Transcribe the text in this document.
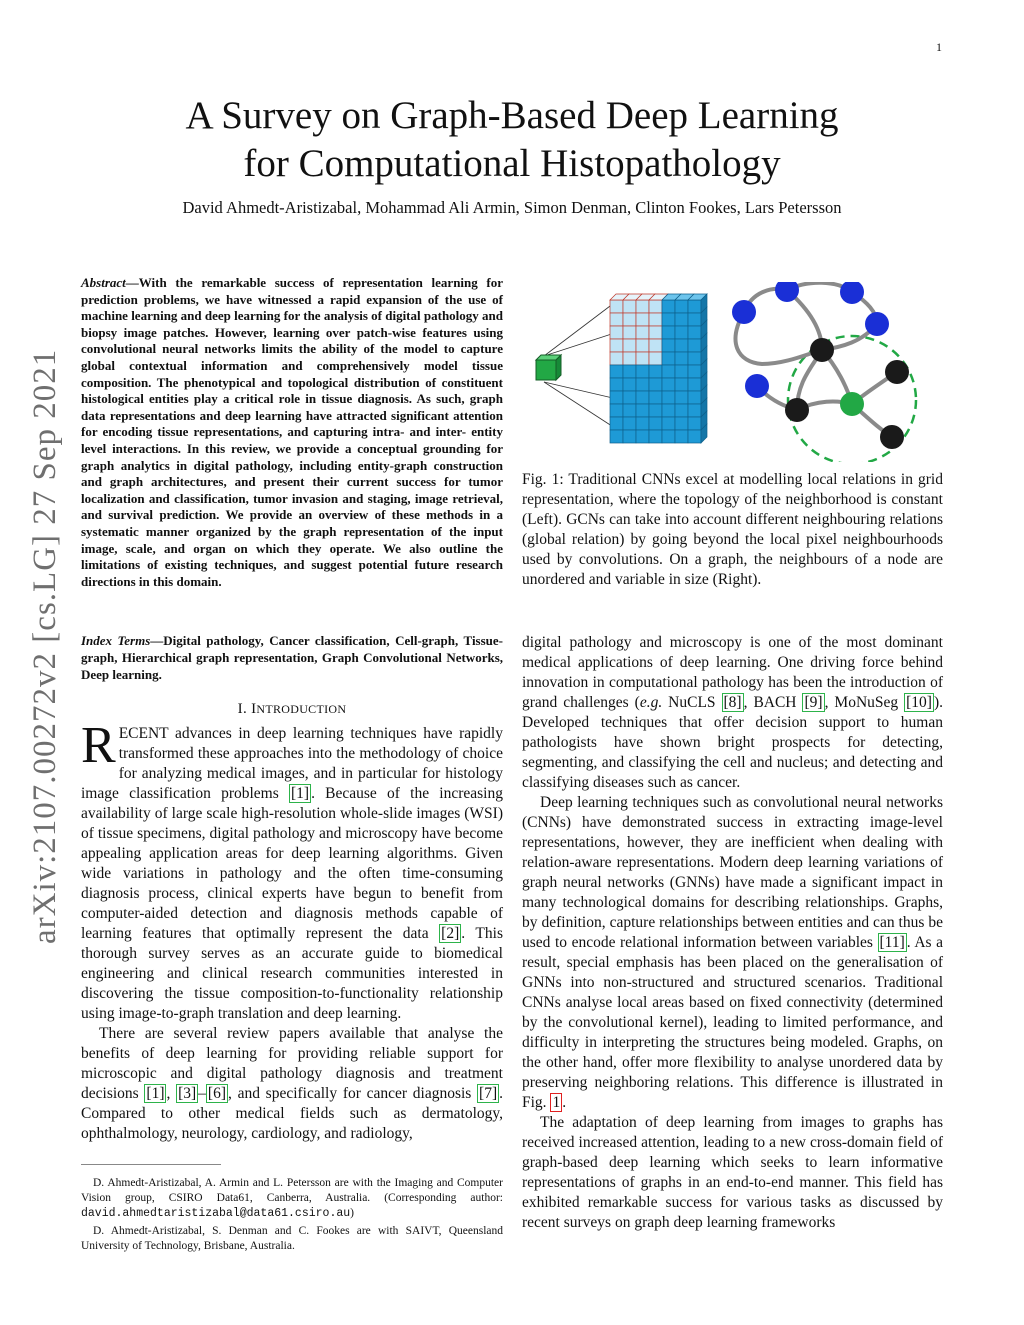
1
arXiv:2107.00272v2 [cs.LG] 27 Sep 2021
A Survey on Graph-Based Deep Learning
for Computational Histopathology
David Ahmedt-Aristizabal, Mohammad Ali Armin, Simon Denman, Clinton Fookes, Lars Petersson
Abstract—With the remarkable success of representation learning for prediction problems, we have witnessed a rapid expansion of the use of machine learning and deep learning for the analysis of digital pathology and biopsy image patches. However, learning over patch-wise features using convolutional neural networks limits the ability of the model to capture global contextual information and comprehensively model tissue composition. The phenotypical and topological distribution of constituent histological entities play a critical role in tissue diagnosis. As such, graph data representations and deep learning have attracted significant attention for encoding tissue representations, and capturing intra- and inter- entity level interactions. In this review, we provide a conceptual grounding for graph analytics in digital pathology, including entity-graph construction and graph architectures, and present their current success for tumor localization and classification, tumor invasion and staging, image retrieval, and survival prediction. We provide an overview of these methods in a systematic manner organized by the graph representation of the input image, scale, and organ on which they operate. We also outline the limitations of existing techniques, and suggest potential future research directions in this domain.
Index Terms—Digital pathology, Cancer classification, Cell-graph, Tissue-graph, Hierarchical graph representation, Graph Convolutional Networks, Deep learning.
I. INTRODUCTION

RECENT advances in deep learning techniques have rapidly transformed these approaches into the methodology of choice for analyzing medical images, and in particular for histology image classification problems [1] . Because of the increasing availability of large scale high-resolution whole-slide images (WSI) of tissue specimens, digital pathology and microscopy have become appealing application areas for deep learning algorithms. Given wide variations in pathology and the often time-consuming diagnosis process, clinical experts have begun to benefit from computer-aided detection and diagnosis methods capable of learning features that optimally represent the data [2] . This thorough survey serves as an accurate guide to biomedical engineering and clinical research communities interested in discovering the tissue composition-to-functionality relationship using image-to-graph translation and deep learning.

There are several review papers available that analyse the benefits of deep learning for providing reliable support for microscopic and digital pathology diagnosis and treatment decisions [1] , [3] – [6] , and specifically for cancer diagnosis [7] . Compared to other medical fields such as dermatology, ophthalmology, neurology, cardiology, and radiology,

D. Ahmedt-Aristizabal, A. Armin and L. Petersson are with the Imaging and Computer Vision group, CSIRO Data61, Canberra, Australia. (Corresponding author: david.ahmedtaristizabal@data61.csiro.au)

D. Ahmedt-Aristizabal, S. Denman and C. Fookes are with SAIVT, Queensland University of Technology, Brisbane, Australia.

Fig. 1: Traditional CNNs excel at modelling local relations in grid representation, where the topology of the neighborhood is constant (Left). GCNs can take into account different neighbouring relations (global relation) by going beyond the local pixel neighbourhoods used by convolutions. On a graph, the neighbours of a node are unordered and variable in size (Right).

digital pathology and microscopy is one of the most dominant medical applications of deep learning. One driving force behind innovation in computational pathology has been the introduction of grand challenges (e.g. NuCLS [8] , BACH [9] , MoNuSeg [10] ). Developed techniques that offer decision support to human pathologists have shown bright prospects for detecting, segmenting, and classifying the cell and nucleus; and detecting and classifying diseases such as cancer.

Deep learning techniques such as convolutional neural networks (CNNs) have demonstrated success in extracting image-level representations, however, they are inefficient when dealing with relation-aware representations. Modern deep learning variations of graph neural networks (GNNs) have made a significant impact in many technological domains for describing relationships. Graphs, by definition, capture relationships between entities and can thus be used to encode relational information between variables [11] . As a result, special emphasis has been placed on the generalisation of GNNs into non-structured and structured scenarios. Traditional CNNs analyse local areas based on fixed connectivity (determined by the convolutional kernel), leading to limited performance, and difficulty in interpreting the structures being modeled. Graphs, on the other hand, offer more flexibility to analyse unordered data by preserving neighboring relations. This difference is illustrated in Fig. 1 .

The adaptation of deep learning from images to graphs has received increased attention, leading to a new cross-domain field of graph-based deep learning which seeks to learn informative representations of graphs in an end-to-end manner. This field has exhibited remarkable success for various tasks as discussed by recent surveys on graph deep learning frameworks
